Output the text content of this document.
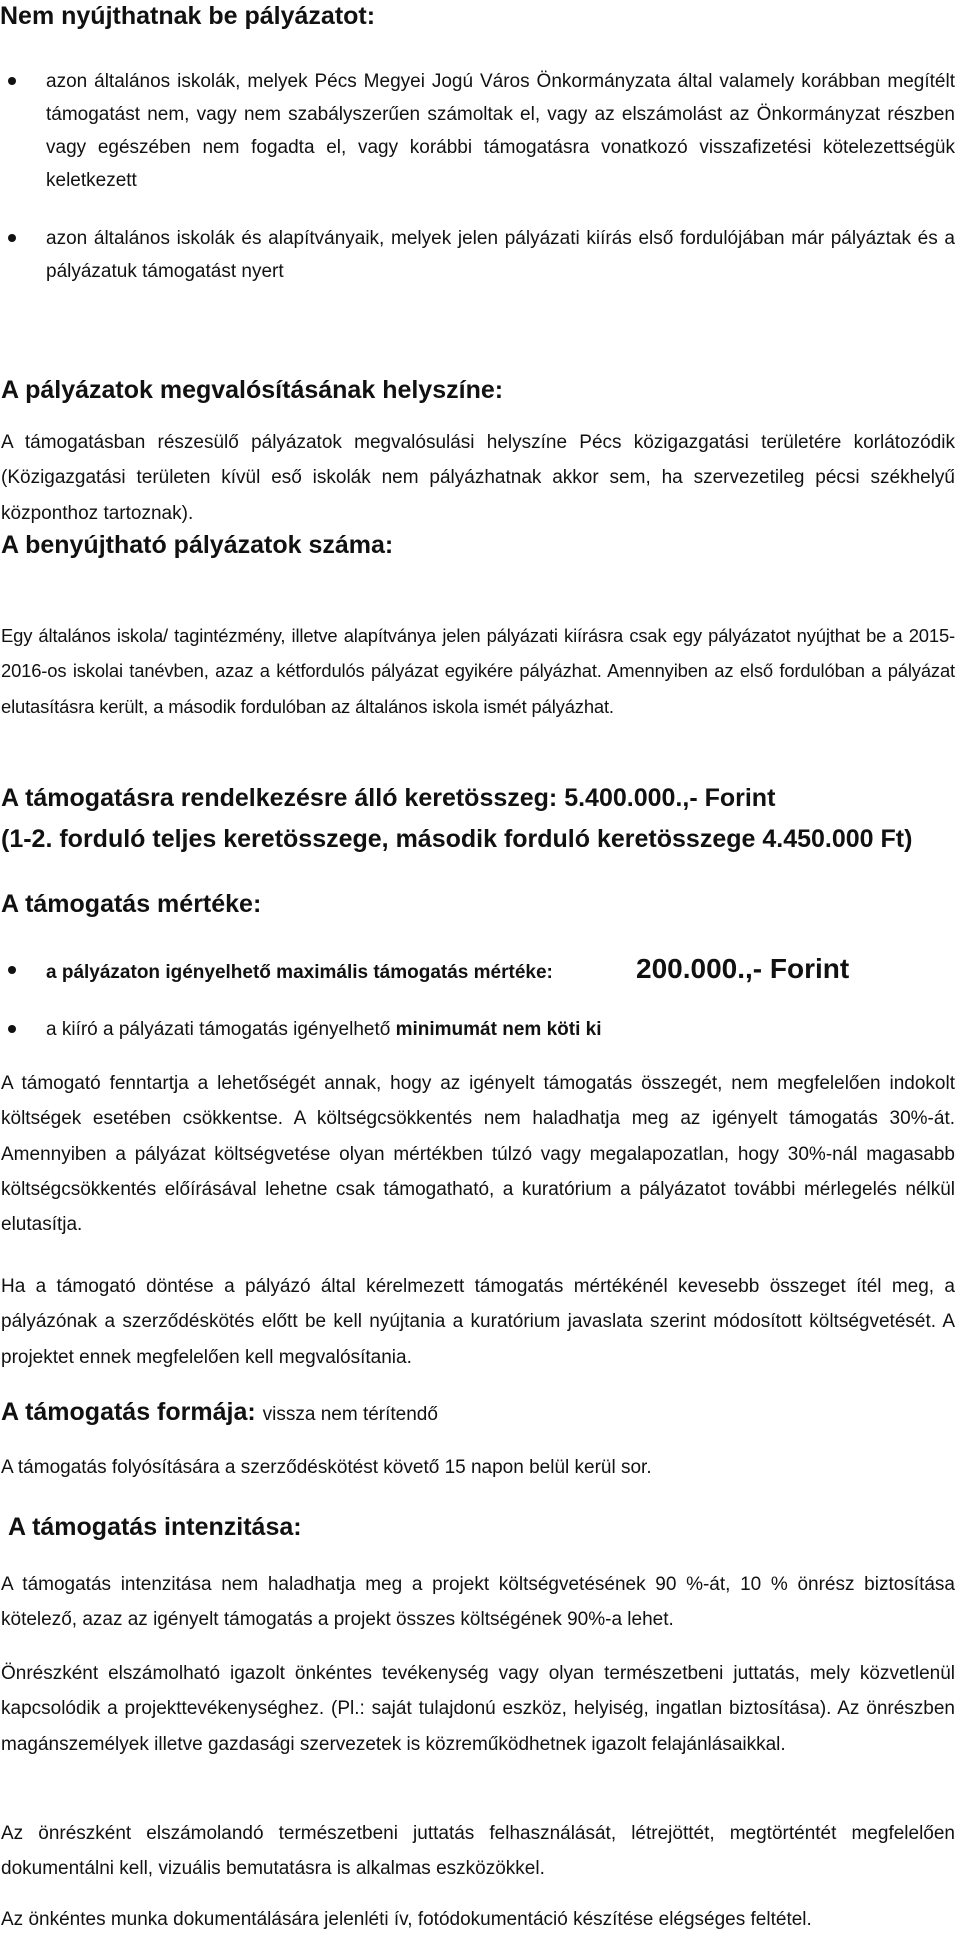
Nem nyújthatnak be pályázatot:
azon általános iskolák, melyek Pécs Megyei Jogú Város Önkormányzata által valamely korábban megítélt támogatást nem, vagy nem szabályszerűen számoltak el, vagy az elszámolást az Önkormányzat részben vagy egészében nem fogadta el, vagy korábbi támogatásra vonatkozó visszafizetési kötelezettségük keletkezett
azon általános iskolák és alapítványaik, melyek jelen pályázati kiírás első fordulójában már pályáztak és a pályázatuk támogatást nyert
A pályázatok megvalósításának helyszíne:
A támogatásban részesülő pályázatok megvalósulási helyszíne Pécs közigazgatási területére korlátozódik (Közigazgatási területen kívül eső iskolák nem pályázhatnak akkor sem, ha szervezetileg pécsi székhelyű központhoz tartoznak).
A benyújtható pályázatok száma:
Egy általános iskola/ tagintézmény, illetve alapítványa jelen pályázati kiírásra csak egy pályázatot nyújthat be a 2015-2016-os iskolai tanévben, azaz a kétfordulós pályázat egyikére pályázhat. Amennyiben az első fordulóban a pályázat elutasításra került, a második fordulóban az általános iskola ismét pályázhat.
A támogatásra rendelkezésre álló keretösszeg: 5.400.000.,- Forint
(1-2. forduló teljes keretösszege, második forduló keretösszege 4.450.000 Ft)
A támogatás mértéke:
a pályázaton igényelhető maximális támogatás mértéke:	200.000.,- Forint
a kiíró a pályázati támogatás igényelhető minimumát nem köti ki
A támogató fenntartja a lehetőségét annak, hogy az igényelt támogatás összegét, nem megfelelően indokolt költségek esetében csökkentse. A költségcsökkentés nem haladhatja meg az igényelt támogatás 30%-át. Amennyiben a pályázat költségvetése olyan mértékben túlzó vagy megalapozatlan, hogy 30%-nál magasabb költségcsökkentés előírásával lehetne csak támogatható, a kuratórium a pályázatot további mérlegelés nélkül elutasítja.
Ha a támogató döntése a pályázó által kérelmezett támogatás mértékénél kevesebb összeget ítél meg, a pályázónak a szerződéskötés előtt be kell nyújtania a kuratórium javaslata szerint módosított költségvetését. A projektet ennek megfelelően kell megvalósítania.
A támogatás formája: vissza nem térítendő
A támogatás folyósítására a szerződéskötést követő 15 napon belül kerül sor.
A támogatás intenzitása:
A támogatás intenzitása nem haladhatja meg a projekt költségvetésének 90 %-át, 10 % önrész biztosítása kötelező, azaz az igényelt támogatás a projekt összes költségének 90%-a lehet.
Önrészként elszámolható igazolt önkéntes tevékenység vagy olyan természetbeni juttatás, mely közvetlenül kapcsolódik a projekttevékenységhez. (Pl.: saját tulajdonú eszköz, helyiség, ingatlan biztosítása). Az önrészben magánszemélyek illetve gazdasági szervezetek is közreműködhetnek igazolt felajánlásaikkal.
Az önrészként elszámolandó természetbeni juttatás felhasználását, létrejöttét, megtörténtét megfelelően dokumentálni kell, vizuális bemutatásra is alkalmas eszközökkel.
Az önkéntes munka dokumentálására jelenléti ív, fotódokumentáció készítése elégséges feltétel.
